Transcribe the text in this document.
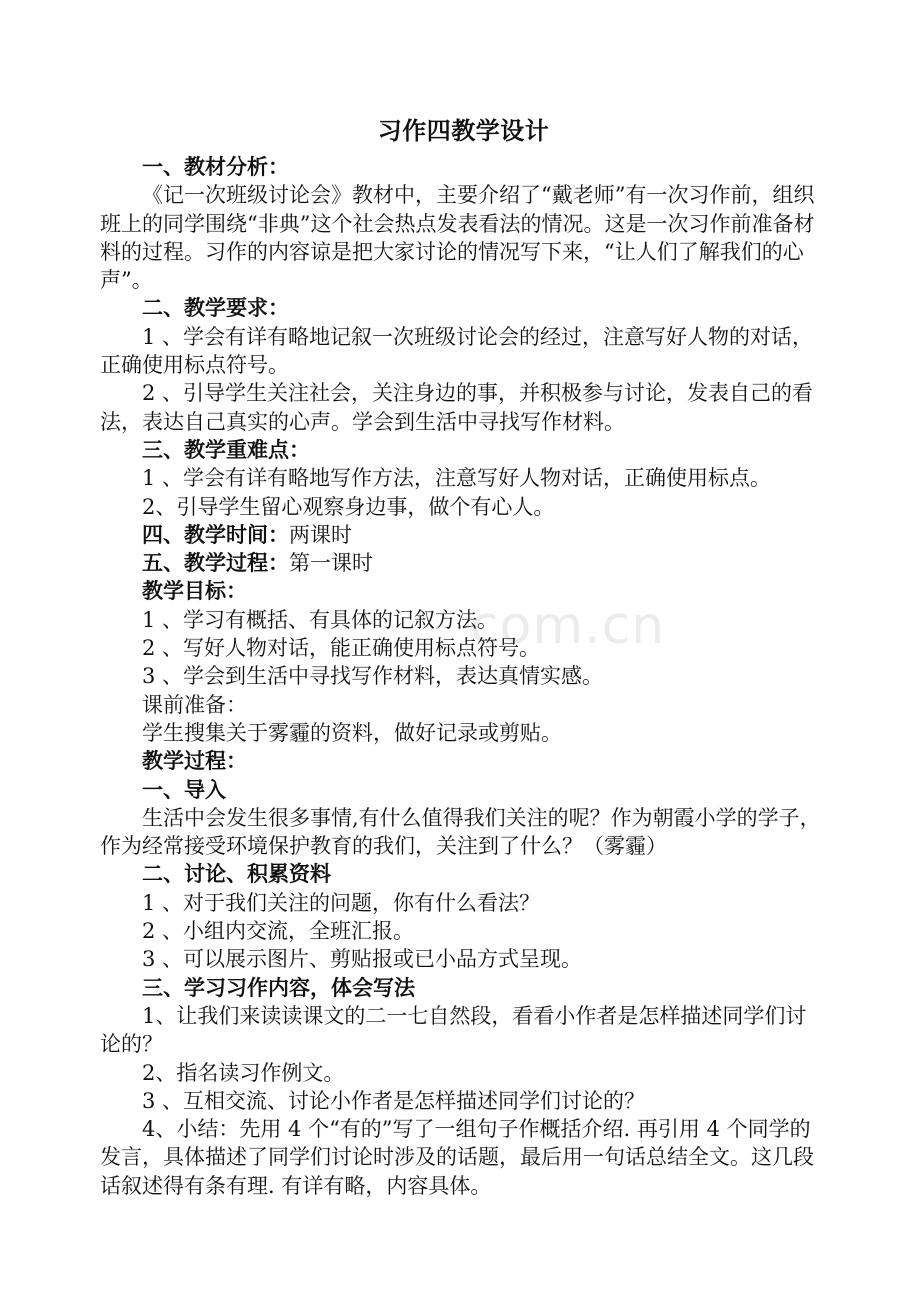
com.cn
习作四教学设计

一、教材分析：

《记一次班级讨论会》教材中，主要介绍了“戴老师”有一次习作前，组织班上的同学围绕“非典”这个社会热点发表看法的情况。这是一次习作前准备材料的过程。习作的内容谅是把大家讨论的情况写下来，“让人们了解我们的心声”。

二、教学要求：

1 、学会有详有略地记叙一次班级讨论会的经过，注意写好人物的对话，正确使用标点符号。

2 、引导学生关注社会，关注身边的事，并积极参与讨论，发表自己的看法，表达自己真实的心声。学会到生活中寻找写作材料。

三、教学重难点：

1 、学会有详有略地写作方法，注意写好人物对话，正确使用标点。

2、引导学生留心观察身边事，做个有心人。

四、教学时间：两课时

五、教学过程：第一课时

教学目标：

1 、学习有概括、有具体的记叙方法。

2 、写好人物对话，能正确使用标点符号。

3 、学会到生活中寻找写作材料，表达真情实感。

课前准备：

学生搜集关于雾霾的资料，做好记录或剪贴。

教学过程：

一、导入

生活中会发生很多事情,有什么值得我们关注的呢？作为朝霞小学的学子，作为经常接受环境保护教育的我们，关注到了什么？（雾霾）

二、讨论、积累资料

1 、对于我们关注的问题，你有什么看法？

2 、小组内交流，全班汇报。

3 、可以展示图片、剪贴报或已小品方式呈现。

三、学习习作内容，体会写法

1、让我们来读读课文的二一七自然段，看看小作者是怎样描述同学们讨论的？

2、指名读习作例文。

3 、互相交流、讨论小作者是怎样描述同学们讨论的？

4、小结：先用 4 个“有的”写了一组句子作概括介绍. 再引用 4 个同学的发言，具体描述了同学们讨论时涉及的话题，最后用一句话总结全文。这几段话叙述得有条有理. 有详有略，内容具体。
